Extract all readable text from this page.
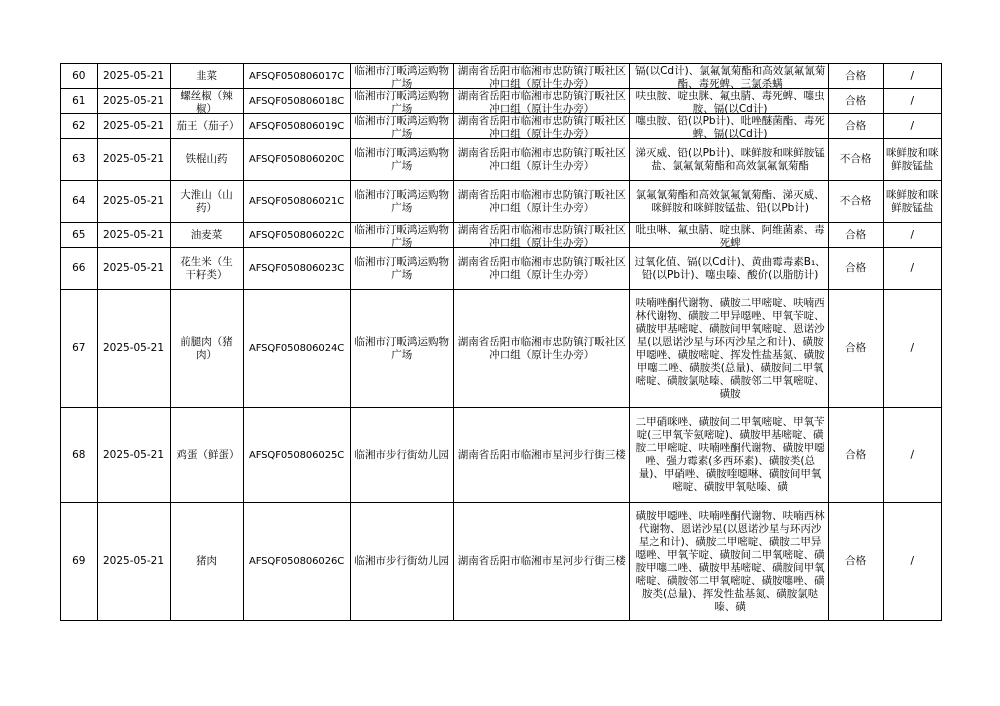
60	2025-05-21	韭菜	AFSQF050806017C	临湘市汀畈鸿运购物广场	湖南省岳阳市临湘市忠防镇汀畈社区冲口组（原计生办旁）	镉(以Cd计)、氯氟氰菊酯和高效氯氟氰菊酯、毒死蜱、三氯杀螨	合格	/

61	2025-05-21	螺丝椒（辣椒）	AFSQF050806018C	临湘市汀畈鸿运购物广场	湖南省岳阳市临湘市忠防镇汀畈社区冲口组（原计生办旁）	呋虫胺、啶虫脒、氟虫腈、毒死蜱、噻虫胺、镉(以Cd计)	合格	/

62	2025-05-21	茄王（茄子）	AFSQF050806019C	临湘市汀畈鸿运购物广场	湖南省岳阳市临湘市忠防镇汀畈社区冲口组（原计生办旁）	噻虫胺、铅(以Pb计)、吡唑醚菌酯、毒死蜱、镉(以Cd计)	合格	/

63	2025-05-21	铁棍山药	AFSQF050806020C	临湘市汀畈鸿运购物广场	湖南省岳阳市临湘市忠防镇汀畈社区冲口组（原计生办旁）	涕灭威、铅(以Pb计)、咪鲜胺和咪鲜胺锰盐、氯氟氰菊酯和高效氯氟氰菊酯	不合格	咪鲜胺和咪鲜胺锰盐

64	2025-05-21	大淮山（山药）	AFSQF050806021C	临湘市汀畈鸿运购物广场	湖南省岳阳市临湘市忠防镇汀畈社区冲口组（原计生办旁）	氯氟氰菊酯和高效氯氟氰菊酯、涕灭威、咪鲜胺和咪鲜胺锰盐、铅(以Pb计)	不合格	咪鲜胺和咪鲜胺锰盐

65	2025-05-21	油麦菜	AFSQF050806022C	临湘市汀畈鸿运购物广场	湖南省岳阳市临湘市忠防镇汀畈社区冲口组（原计生办旁）	吡虫啉、氟虫腈、啶虫脒、阿维菌素、毒死蜱	合格	/

66	2025-05-21	花生米（生干籽类）	AFSQF050806023C	临湘市汀畈鸿运购物广场	湖南省岳阳市临湘市忠防镇汀畈社区冲口组（原计生办旁）	过氧化值、镉(以Cd计)、黄曲霉毒素B₁、铅(以Pb计)、噻虫嗪、酸价(以脂肪计)	合格	/

67	2025-05-21	前腿肉（猪肉）	AFSQF050806024C	临湘市汀畈鸿运购物广场	湖南省岳阳市临湘市忠防镇汀畈社区冲口组（原计生办旁）	呋喃唑酮代谢物、磺胺二甲嘧啶、呋喃西林代谢物、磺胺二甲异噁唑、甲氧苄啶、磺胺甲基嘧啶、磺胺间甲氧嘧啶、恩诺沙星(以恩诺沙星与环丙沙星之和计)、磺胺甲噁唑、磺胺嘧啶、挥发性盐基氮、磺胺甲噻二唑、磺胺类(总量)、磺胺间二甲氧嘧啶、磺胺氯哒嗪、磺胺邻二甲氧嘧啶、磺胺	合格	/

68	2025-05-21	鸡蛋（鲜蛋）	AFSQF050806025C	临湘市步行街幼儿园	湖南省岳阳市临湘市星河步行街三楼	二甲硝咪唑、磺胺间二甲氧嘧啶、甲氧苄啶(三甲氧苄氨嘧啶)、磺胺甲基嘧啶、磺胺二甲嘧啶、呋喃唑酮代谢物、磺胺甲噁唑、强力霉素(多西环素)、磺胺类(总量)、甲硝唑、磺胺喹噁啉、磺胺间甲氧嘧啶、磺胺甲氧哒嗪、磺	合格	/

69	2025-05-21	猪肉	AFSQF050806026C	临湘市步行街幼儿园	湖南省岳阳市临湘市星河步行街三楼	磺胺甲噁唑、呋喃唑酮代谢物、呋喃西林代谢物、恩诺沙星(以恩诺沙星与环丙沙星之和计)、磺胺二甲嘧啶、磺胺二甲异噁唑、甲氧苄啶、磺胺间二甲氧嘧啶、磺胺甲噻二唑、磺胺甲基嘧啶、磺胺间甲氧嘧啶、磺胺邻二甲氧嘧啶、磺胺噻唑、磺胺类(总量)、挥发性盐基氮、磺胺氯哒嗪、磺	合格	/
